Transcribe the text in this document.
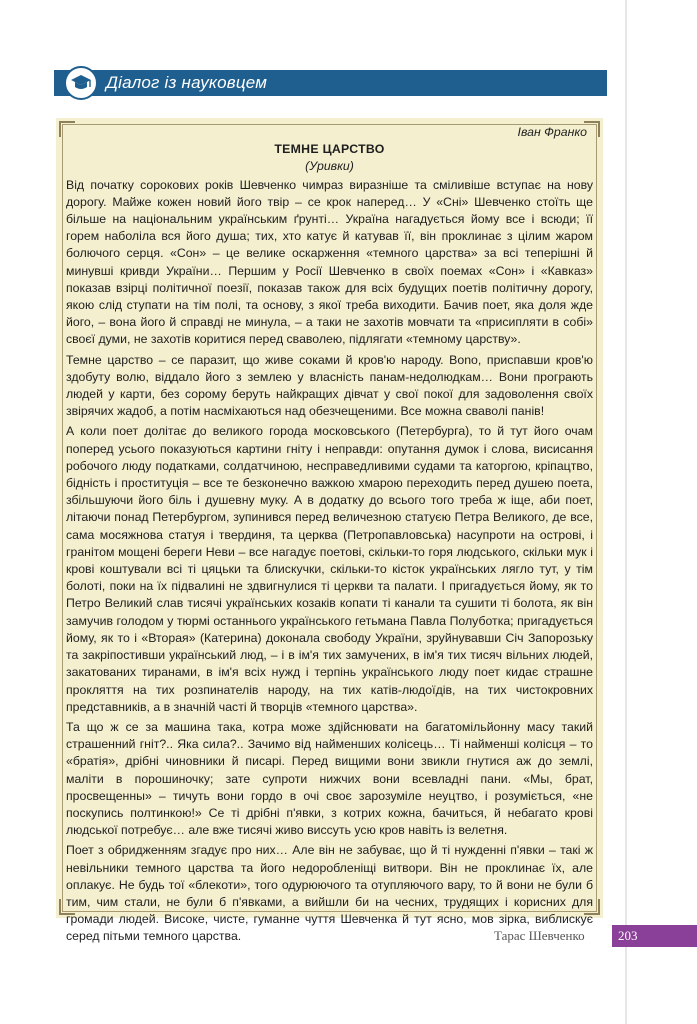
Діалог із науковцем

Іван Франко

ТЕМНЕ ЦАРСТВО

(Уривки)

Від початку сорокових років Шевченко чимраз виразніше та сміливіше вступає на нову дорогу. Майже кожен новий його твір – се крок наперед… У «Сні» Шевченко стоїть ще більше на національним українським ґрунті… Україна нагадується йому все і всюди; її горем наболіла вся його душа; тих, хто катує й катував її, він проклинає з цілим жаром болючого серця. «Сон» – це велике оскарження «темного царства» за всі теперішні й минувші кривди України… Першим у Росії Шевченко в своїх поемах «Сон» і «Кавказ» показав взірці політичної поезії, показав також для всіх будущих поетів політичну дорогу, якою слід ступати на тім полі, та основу, з якої треба виходити. Бачив поет, яка доля жде його, – вона його й справді не минула, – а таки не захотів мовчати та «присипляти в собі» своєї думи, не захотів коритися перед сваволею, підлягати «темному царству».

Темне царство – се паразит, що живе соками й кров'ю народу. Вono, приспавши кров'ю здобуту волю, віддало його з землею у власність панам-недолюдкам… Вони програють людей у карти, без сорому беруть найкращих дівчат у свої покої для задоволення своїх звірячих жадоб, а потім насміхаються над обезчещеними. Все можна сваволі панів!

А коли поет долітає до великого города московського (Петербурга), то й тут його очам поперед усього показуються картини гніту і неправди: опутання думок і слова, висисання робочого люду податками, солдатчиною, несправедливими судами та каторгою, кріпацтво, бідність і проституція – все те безконечно важкою хмарою переходить перед душею поета, збільшуючи його біль і душевну муку. А в додатку до всього того треба ж іще, аби поет, літаючи понад Петербургом, зупинився перед величезною статуєю Петра Великого, де все, сама мосяжнова статуя і твердиня, та церква (Петропавловська) насупроти на острові, і гранітом мощені береги Неви – все нагадує поетові, скільки-то горя людського, скільки мук і крові коштували всі ті цяцьки та блискучки, скільки-то кісток українських лягло тут, у тім болоті, поки на їх підвалині не здвигнулися ті церкви та палати. І пригадується йому, як то Петро Великий слав тисячі українських козаків копати ті канали та сушити ті болота, як він замучив голодом у тюрмі останнього українського гетьмана Павла Полуботка; пригадується йому, як то і «Вторая» (Катерина) доконала свободу України, зруйнувавши Січ Запорозьку та закріпостивши український люд, – і в ім'я тих замучених, в ім'я тих тисяч вільних людей, закатованих тиранами, в ім'я всіх нужд і терпінь українського люду поет кидає страшне прокляття на тих розпинателів народу, на тих катів-людоїдів, на тих чистокровних представників, а в значній часті й творців «темного царства».

Та що ж се за машина така, котра може здійснювати на багатомільйонну масу такий страшенний гніт?.. Яка сила?.. Зачимо від найменших колісець… Ті найменші колісця – то «братія», дрібні чиновники й писарі. Перед вищими вони звикли гнутися аж до землі, маліти в порошиночку; зате супроти нижчих вони всевладні пани. «Мы, брат, просвещенны» – тичуть вони гордо в очі своє зарозуміле неуцтво, і розуміється, «не поскупись полтинкою!» Се ті дрібні п'явки, з котрих кожна, бачиться, й небагато крові людської потребує… але вже тисячі живо виссуть усю кров навіть із велетня.

Поет з обридженням згадує про них… Але він не забуває, що й ті нужденні п'явки – такі ж невільники темного царства та його недоробленіщі витвори. Він не проклинає їх, але оплакує. Не будь тої «блекоти», того одурюючого та отупляючого вару, то й вони не були б тим, чим стали, не були б п'явками, а вийшли би на чесних, трудящих і корисних для громади людей. Високе, чисте, гуманне чуття Шевченка й тут ясно, мов зірка, виблискує серед пітьми темного царства.	Тарас Шевченко	203
